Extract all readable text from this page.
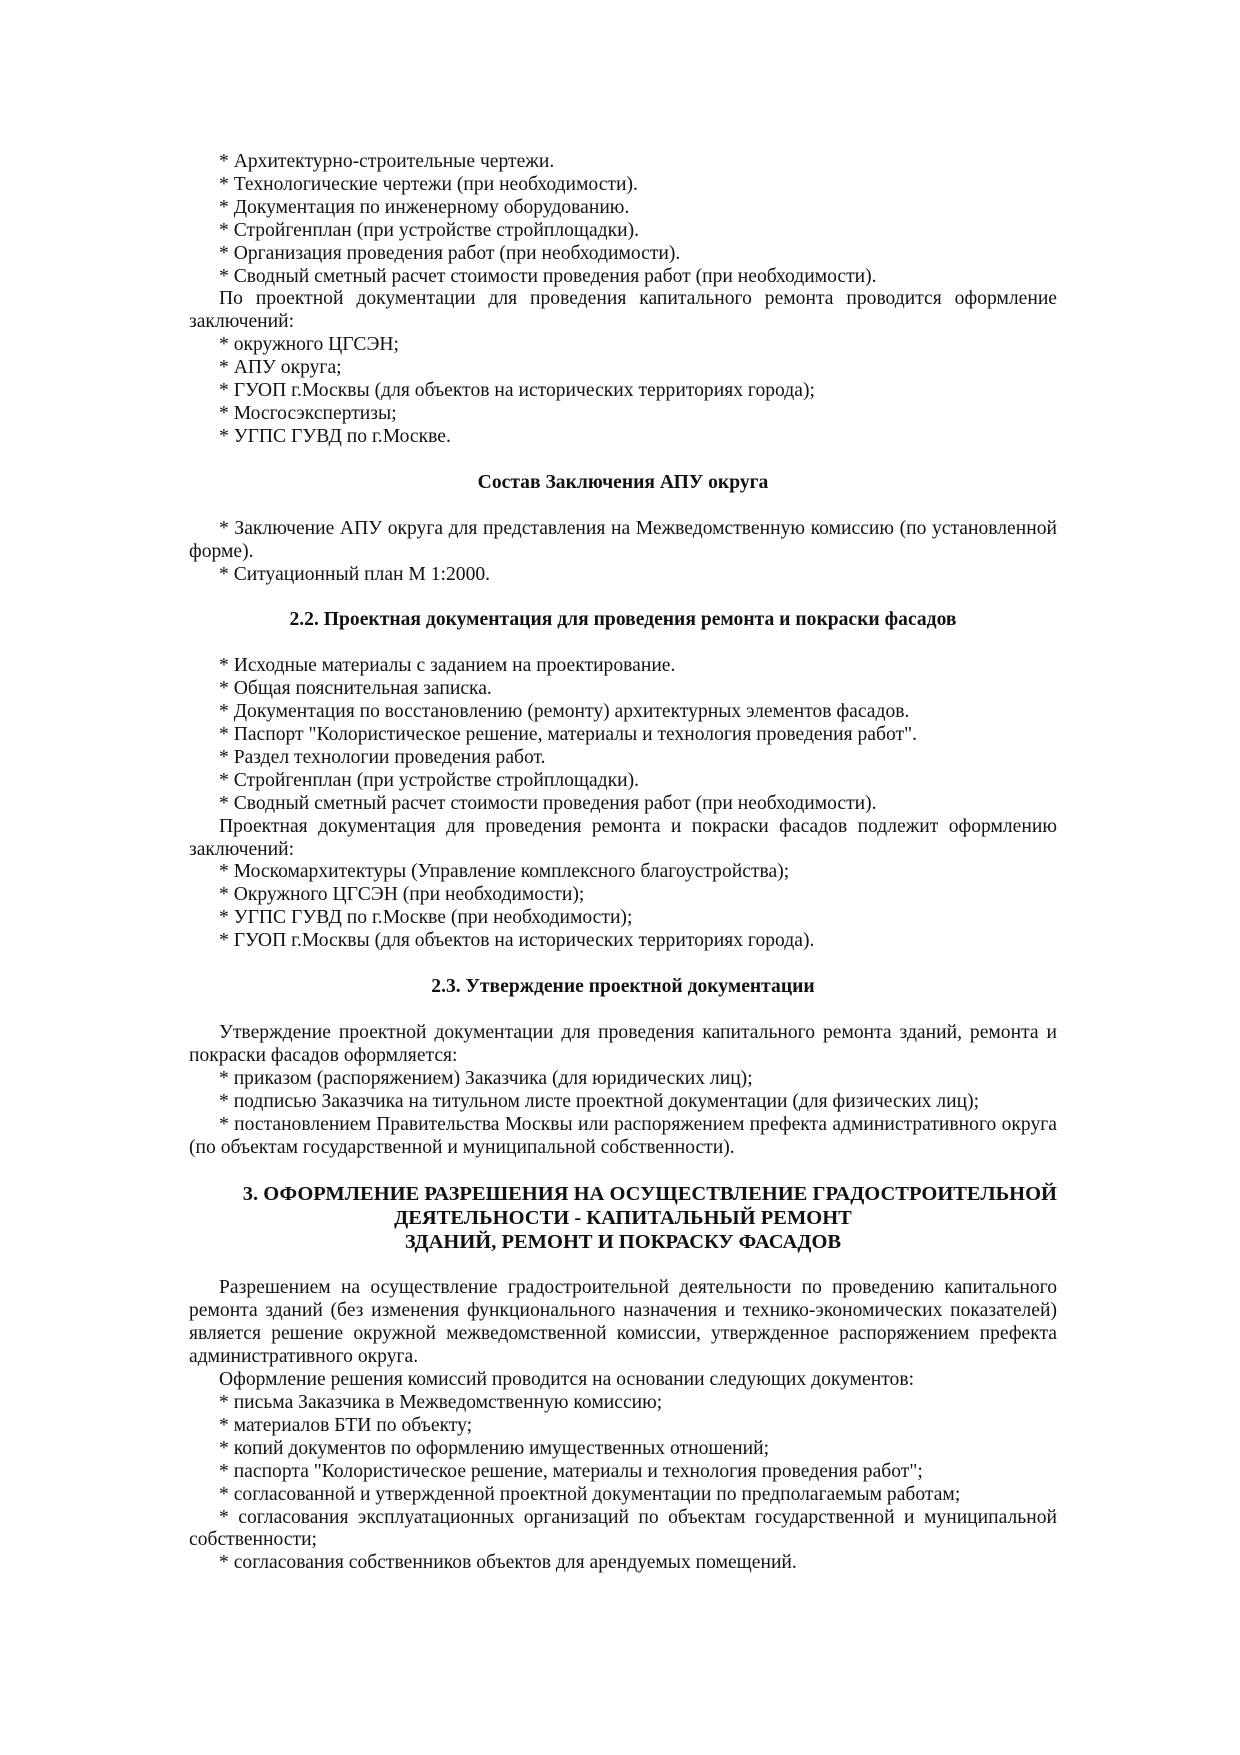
* Архитектурно-строительные чертежи.

* Технологические чертежи (при необходимости).

* Документация по инженерному оборудованию.

* Стройгенплан (при устройстве стройплощадки).

* Организация проведения работ (при необходимости).

* Сводный сметный расчет стоимости проведения работ (при необходимости).

По проектной документации для проведения капитального ремонта проводится оформление заключений:

* окружного ЦГСЭН;

* АПУ округа;

* ГУОП г.Москвы (для объектов на исторических территориях города);

* Мосгосэкспертизы;

* УГПС ГУВД по г.Москве.

Состав Заключения АПУ округа

* Заключение АПУ округа для представления на Межведомственную комиссию (по установленной форме).

* Ситуационный план М 1:2000.

2.2. Проектная документация для проведения ремонта и покраски фасадов

* Исходные материалы с заданием на проектирование.

* Общая пояснительная записка.

* Документация по восстановлению (ремонту) архитектурных элементов фасадов.

* Паспорт "Колористическое решение, материалы и технология проведения работ".

* Раздел технологии проведения работ.

* Стройгенплан (при устройстве стройплощадки).

* Сводный сметный расчет стоимости проведения работ (при необходимости).

Проектная документация для проведения ремонта и покраски фасадов подлежит оформлению заключений:

* Москомархитектуры (Управление комплексного благоустройства);

* Окружного ЦГСЭН (при необходимости);

* УГПС ГУВД по г.Москве (при необходимости);

* ГУОП г.Москвы (для объектов на исторических территориях города).

2.3. Утверждение проектной документации

Утверждение проектной документации для проведения капитального ремонта зданий, ремонта и покраски фасадов оформляется:

* приказом (распоряжением) Заказчика (для юридических лиц);

* подписью Заказчика на титульном листе проектной документации (для физических лиц);

* постановлением Правительства Москвы или распоряжением префекта административного округа (по объектам государственной и муниципальной собственности).

3. ОФОРМЛЕНИЕ РАЗРЕШЕНИЯ НА ОСУЩЕСТВЛЕНИЕ ГРАДОСТРОИТЕЛЬНОЙ

ДЕЯТЕЛЬНОСТИ - КАПИТАЛЬНЫЙ РЕМОНТ

ЗДАНИЙ, РЕМОНТ И ПОКРАСКУ ФАСАДОВ

Разрешением на осуществление градостроительной деятельности по проведению капитального ремонта зданий (без изменения функционального назначения и технико-экономических показателей) является решение окружной межведомственной комиссии, утвержденное распоряжением префекта административного округа.

Оформление решения комиссий проводится на основании следующих документов:

* письма Заказчика в Межведомственную комиссию;

* материалов БТИ по объекту;

* копий документов по оформлению имущественных отношений;

* паспорта "Колористическое решение, материалы и технология проведения работ";

* согласованной и утвержденной проектной документации по предполагаемым работам;

* согласования эксплуатационных организаций по объектам государственной и муниципальной собственности;

* согласования собственников объектов для арендуемых помещений.
